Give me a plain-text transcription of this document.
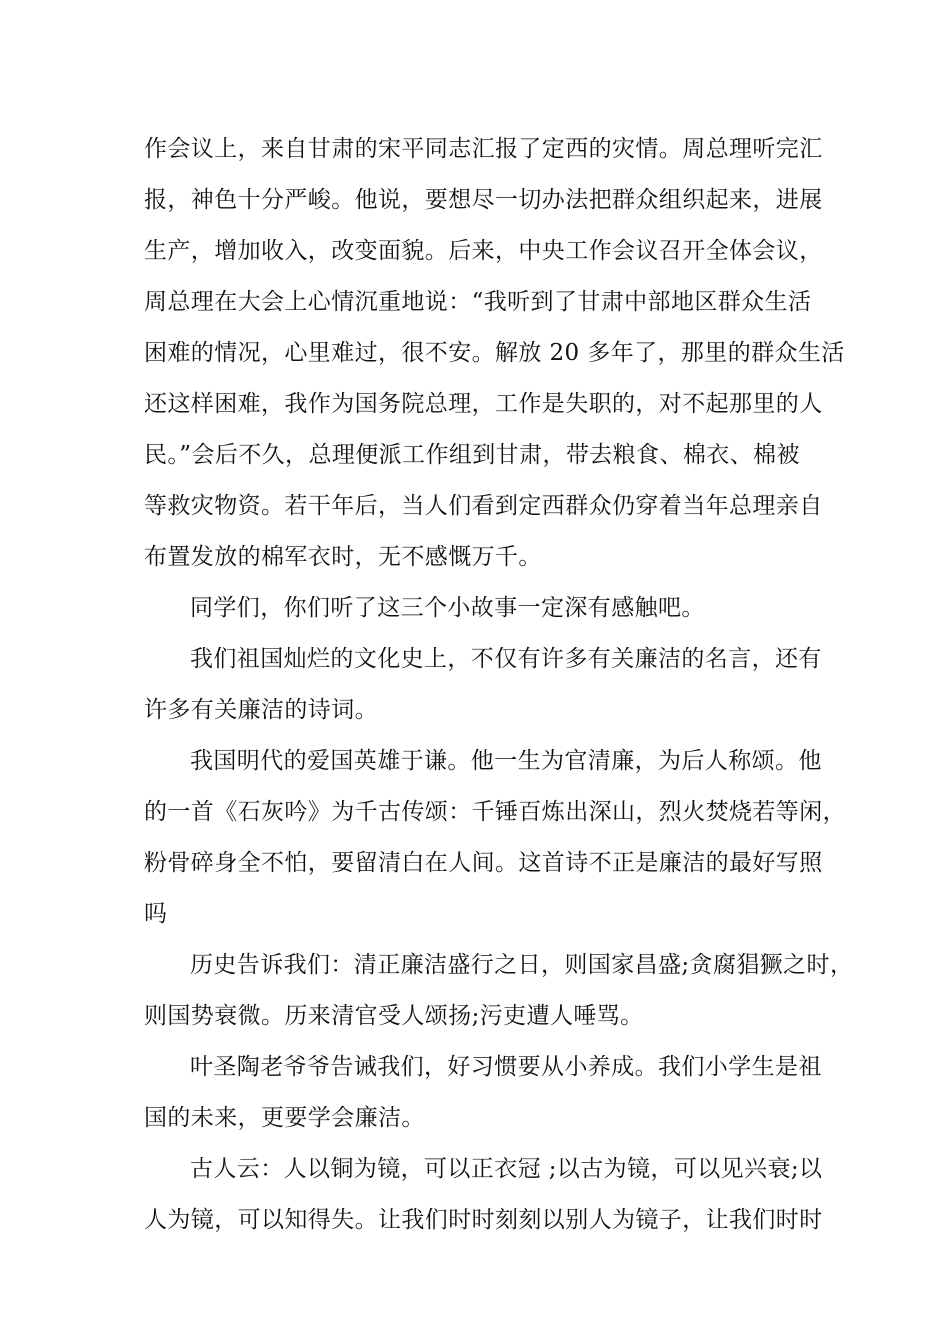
作会议上，来自甘肃的宋平同志汇报了定西的灾情。周总理听完汇
报，神色十分严峻。他说，要想尽一切办法把群众组织起来，进展
生产，增加收入，改变面貌。后来，中央工作会议召开全体会议，
周总理在大会上心情沉重地说：“我听到了甘肃中部地区群众生活
困难的情况，心里难过，很不安。解放 20 多年了，那里的群众生活
还这样困难，我作为国务院总理，工作是失职的，对不起那里的人
民。”会后不久，总理便派工作组到甘肃，带去粮食、棉衣、棉被
等救灾物资。若干年后，当人们看到定西群众仍穿着当年总理亲自
布置发放的棉军衣时，无不感慨万千。
同学们，你们听了这三个小故事一定深有感触吧。
我们祖国灿烂的文化史上，不仅有许多有关廉洁的名言，还有
许多有关廉洁的诗词。
我国明代的爱国英雄于谦。他一生为官清廉，为后人称颂。他
的一首《石灰吟》为千古传颂：千锤百炼出深山，烈火焚烧若等闲，
粉骨碎身全不怕，要留清白在人间。这首诗不正是廉洁的最好写照
吗
历史告诉我们：清正廉洁盛行之日，则国家昌盛;贪腐猖獗之时，
则国势衰微。历来清官受人颂扬;污吏遭人唾骂。
叶圣陶老爷爷告诫我们，好习惯要从小养成。我们小学生是祖
国的未来，更要学会廉洁。
古人云：人以铜为镜，可以正衣冠 ;以古为镜，可以见兴衰;以
人为镜，可以知得失。让我们时时刻刻以别人为镜子，让我们时时
